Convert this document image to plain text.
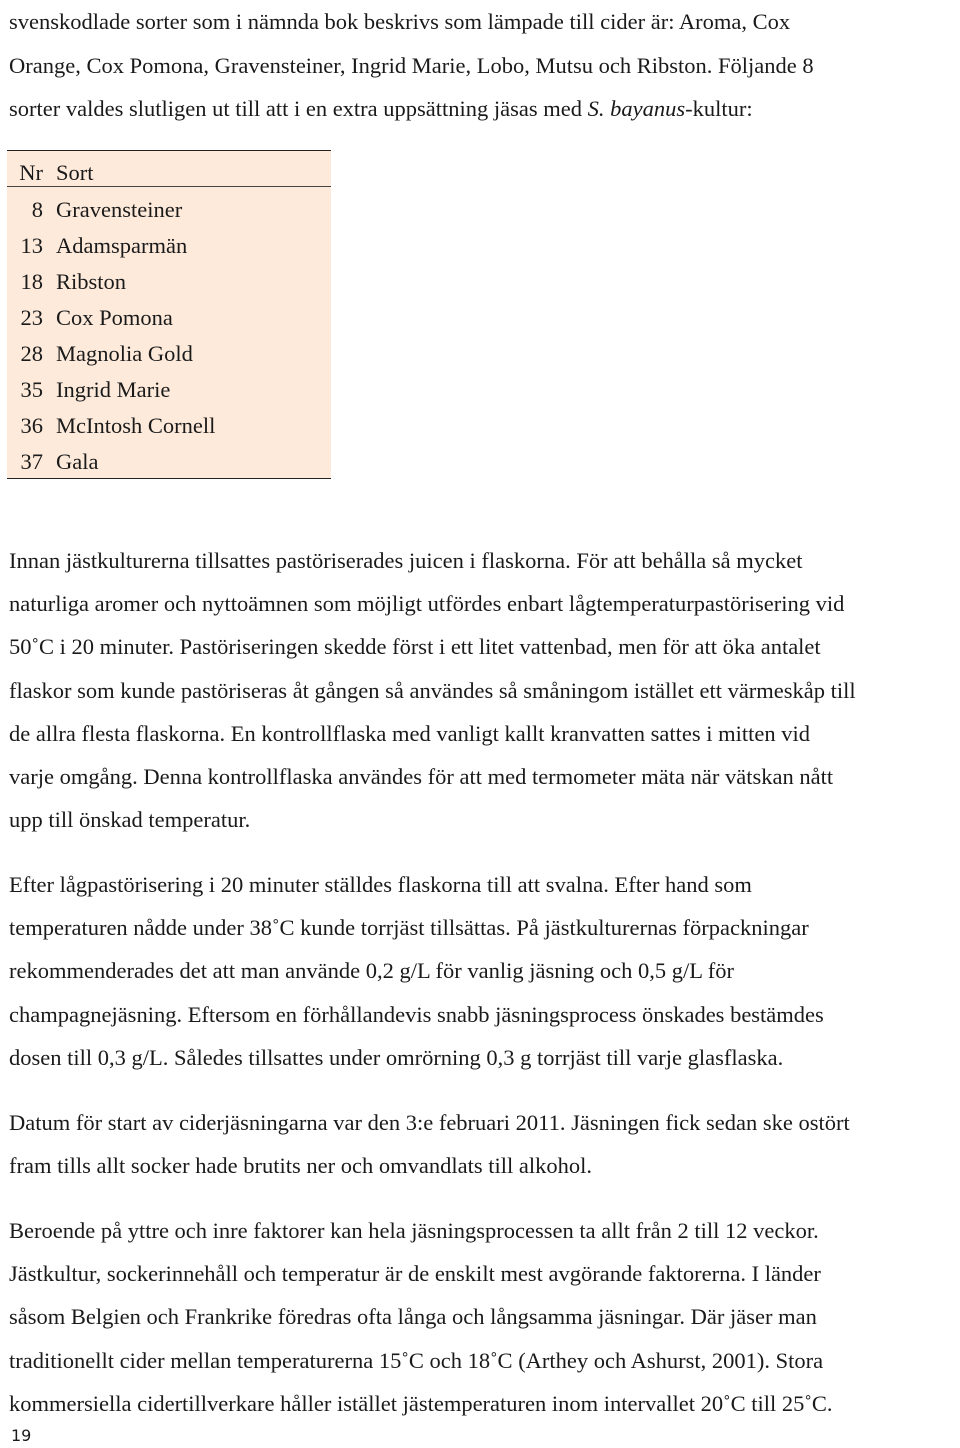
svenskodlade sorter som i nämnda bok beskrivs som lämpade till cider är: Aroma, Cox
Orange, Cox Pomona, Gravensteiner, Ingrid Marie, Lobo, Mutsu och Ribston. Följande 8
sorter valdes slutligen ut till att i en extra uppsättning jäsas med S. bayanus-kultur:

Nr Sort
8 Gravensteiner
13 Adamsparmän
18 Ribston
23 Cox Pomona
28 Magnolia Gold
35 Ingrid Marie
36 McIntosh Cornell
37 Gala

Innan jästkulturerna tillsattes pastöriserades juicen i flaskorna. För att behålla så mycket
naturliga aromer och nyttoämnen som möjligt utfördes enbart lågtemperaturpastörisering vid
50˚C i 20 minuter. Pastöriseringen skedde först i ett litet vattenbad, men för att öka antalet
flaskor som kunde pastöriseras åt gången så användes så småningom istället ett värmeskåp till
de allra flesta flaskorna. En kontrollflaska med vanligt kallt kranvatten sattes i mitten vid
varje omgång. Denna kontrollflaska användes för att med termometer mäta när vätskan nått
upp till önskad temperatur.

Efter lågpastörisering i 20 minuter ställdes flaskorna till att svalna. Efter hand som
temperaturen nådde under 38˚C kunde torrjäst tillsättas. På jästkulturernas förpackningar
rekommenderades det att man använde 0,2 g/L för vanlig jäsning och 0,5 g/L för
champagnejäsning. Eftersom en förhållandevis snabb jäsningsprocess önskades bestämdes
dosen till 0,3 g/L. Således tillsattes under omrörning 0,3 g torrjäst till varje glasflaska.

Datum för start av ciderjäsningarna var den 3:e februari 2011. Jäsningen fick sedan ske ostört
fram tills allt socker hade brutits ner och omvandlats till alkohol.

Beroende på yttre och inre faktorer kan hela jäsningsprocessen ta allt från 2 till 12 veckor.
Jästkultur, sockerinnehåll och temperatur är de enskilt mest avgörande faktorerna. I länder
såsom Belgien och Frankrike föredras ofta långa och långsamma jäsningar. Där jäser man
traditionellt cider mellan temperaturerna 15˚C och 18˚C (Arthey och Ashurst, 2001). Stora
kommersiella cidertillverkare håller istället jästemperaturen inom intervallet 20˚C till 25˚C.

19
